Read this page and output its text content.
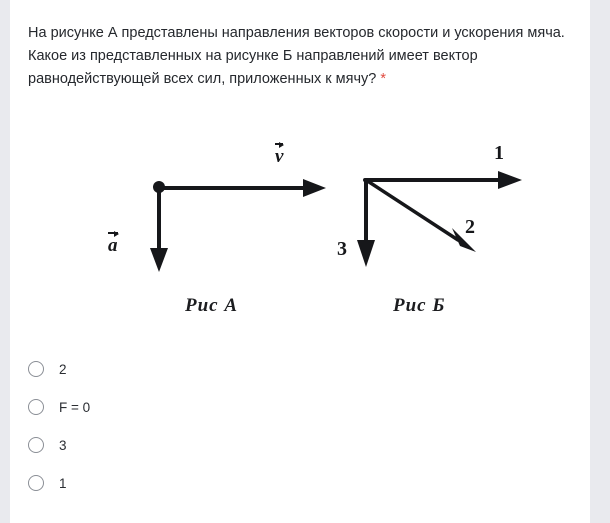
На рисунке А представлены направления векторов скорости и ускорения мяча. Какое из представленных на рисунке Б направлений имеет вектор равнодействующей всех сил, приложенных к мячу? *
v
a
1
2
3
Рис А	Рис Б
2
F = 0
3
1
